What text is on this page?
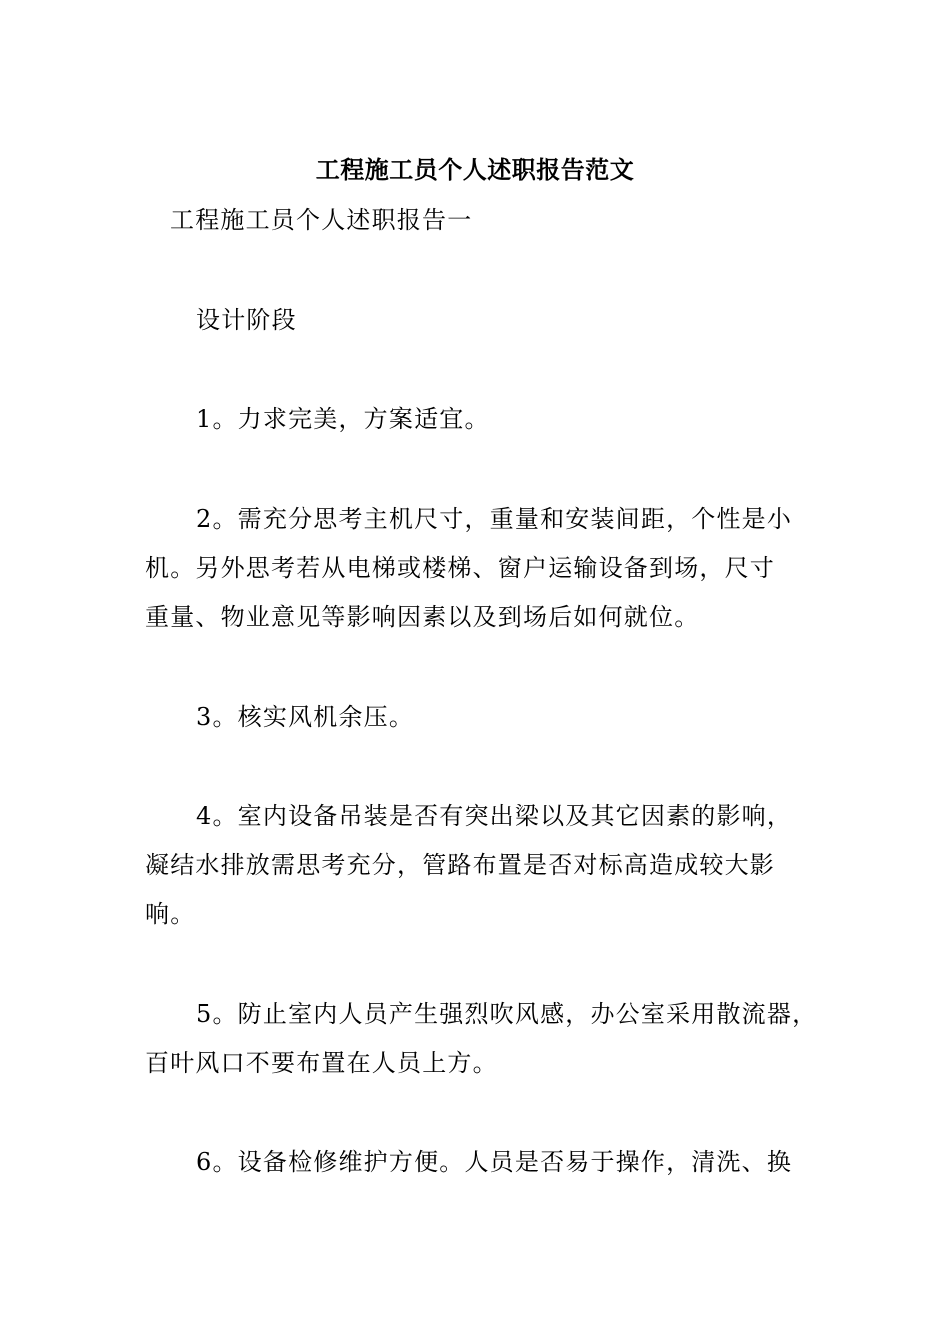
工程施工员个人述职报告范文
工程施工员个人述职报告一
设计阶段
1。力求完美，方案适宜。
2。需充分思考主机尺寸，重量和安装间距，个性是小
机。另外思考若从电梯或楼梯、窗户运输设备到场，尺寸
重量、物业意见等影响因素以及到场后如何就位。
3。核实风机余压。
4。室内设备吊装是否有突出梁以及其它因素的影响，
凝结水排放需思考充分，管路布置是否对标高造成较大影
响。
5。防止室内人员产生强烈吹风感，办公室采用散流器，
百叶风口不要布置在人员上方。
6。设备检修维护方便。人员是否易于操作，清洗、换
